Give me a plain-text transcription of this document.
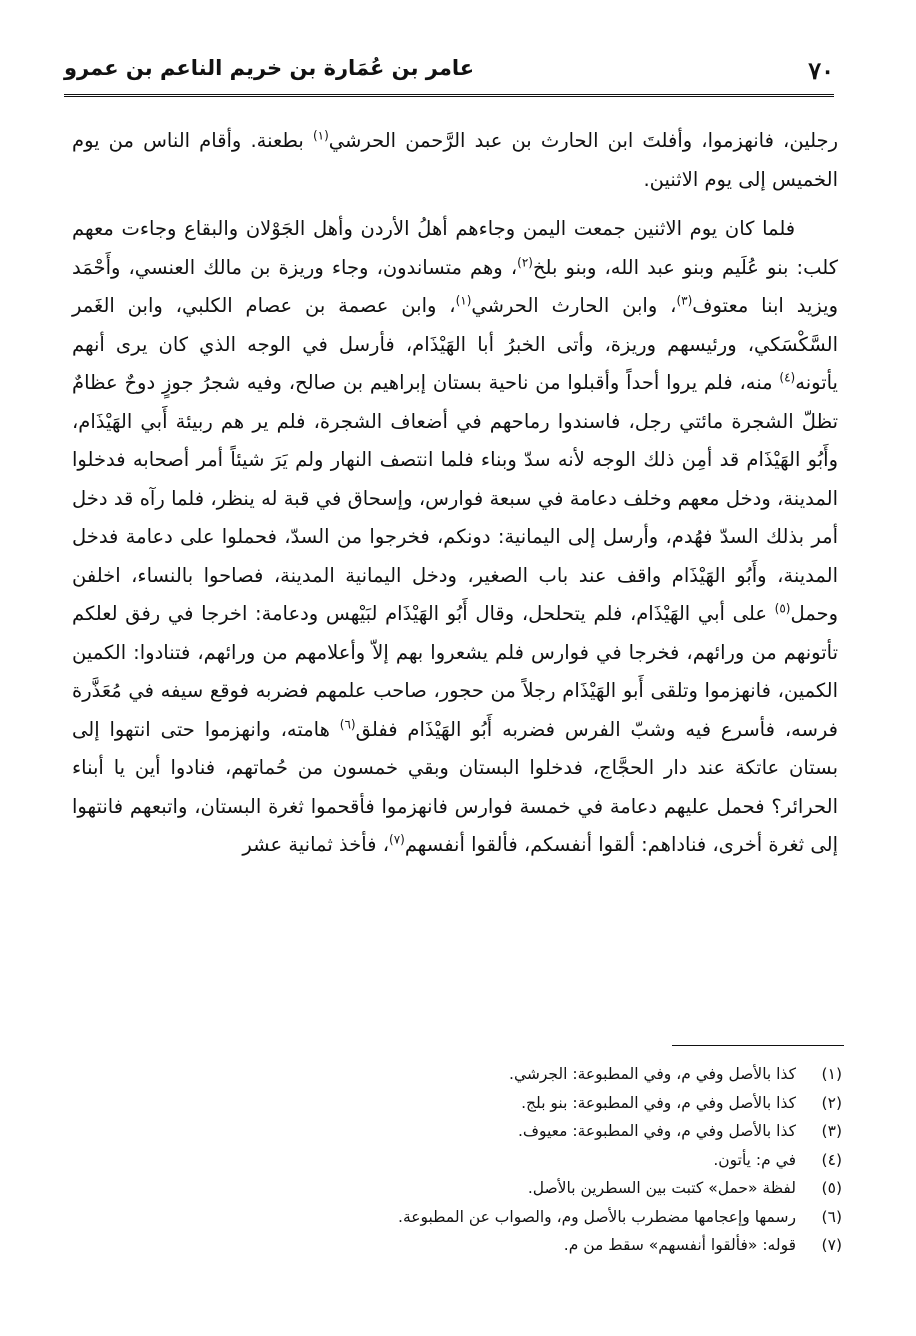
٧٠
عامر بن عُمَارة بن خريم الناعم بن عمرو

رجلين، فانهزموا، وأفلتَ ابن الحارث بن عبد الرَّحمن الحرشي$^{(١)}$ بطعنة. وأقام الناس من يوم الخميس إلى يوم الاثنين.

فلما كان يوم الاثنين جمعت اليمن وجاءهم أهلُ الأردن وأهل الجَوْلان والبقاع وجاءت معهم كلب: بنو عُلَيم وبنو عبد الله، وبنو بلخ$^{(٢)}$، وهم متساندون، وجاء وريزة بن مالك العنسي، وأَحْمَد ويزيد ابنا معتوف$^{(٣)}$، وابن الحارث الحرشي$^{(١)}$، وابن عصمة بن عصام الكلبي، وابن الغَمر السَّكْسَكي، ورئيسهم وريزة، وأتى الخبرُ أبا الهَيْذَام، فأرسل في الوجه الذي كان يرى أنهم يأتونه$^{(٤)}$ منه، فلم يروا أحداً وأقبلوا من ناحية بستان إبراهيم بن صالح، وفيه شجرُ جوزٍ دوحٌ عظامٌ تظلّ الشجرة مائتي رجل، فاسندوا رماحهم في أضعاف الشجرة، فلم ير هم ربيئة أَبي الهَيْذَام، وأَبُو الهَيْذَام قد أمِن ذلك الوجه لأنه سدّ وبناء فلما انتصف النهار ولم يَرَ شيئاً أمر أصحابه فدخلوا المدينة، ودخل معهم وخلف دعامة في سبعة فوارس، وإسحاق في قبة له ينظر، فلما رآه قد دخل أمر بذلك السدّ فهُدم، وأرسل إلى اليمانية: دونكم، فخرجوا من السدّ، فحملوا على دعامة فدخل المدينة، وأَبُو الهَيْذَام واقف عند باب الصغير، ودخل اليمانية المدينة، فصاحوا بالنساء، اخلفن وحمل$^{(٥)}$ على أبي الهَيْذَام، فلم يتحلحل، وقال أَبُو الهَيْذَام لبَيْهس ودعامة: اخرجا في رفق لعلكم تأتونهم من ورائهم، فخرجا في فوارس فلم يشعروا بهم إلاّ وأعلامهم من ورائهم، فتنادوا: الكمين الكمين، فانهزموا وتلقى أَبو الهَيْذَام رجلاً من حجور، صاحب علمهم فضربه فوقع سيفه في مُعَذَّرة فرسه، فأسرع فيه وشبّ الفرس فضربه أَبُو الهَيْذَام ففلق$^{(٦)}$ هامته، وانهزموا حتى انتهوا إلى بستان عاتكة عند دار الحجَّاج، فدخلوا البستان وبقي خمسون من حُماتهم، فنادوا أين يا أبناء الحرائر؟ فحمل عليهم دعامة في خمسة فوارس فانهزموا فأقحموا ثغرة البستان، واتبعهم فانتهوا إلى ثغرة أخرى، فناداهم: ألقوا أنفسكم، فألقوا أنفسهم$^{(٧)}$، فأخذ ثمانية عشر

(١)
كذا بالأصل وفي م، وفي المطبوعة: الجرشي.
(٢)
كذا بالأصل وفي م، وفي المطبوعة: بنو بلج.
(٣)
كذا بالأصل وفي م، وفي المطبوعة: معيوف.
(٤)
في م: يأتون.
(٥)
لفظة «حمل» كتبت بين السطرين بالأصل.
(٦)
رسمها وإعجامها مضطرب بالأصل وم، والصواب عن المطبوعة.
(٧)
قوله: «فألقوا أنفسهم» سقط من م.
